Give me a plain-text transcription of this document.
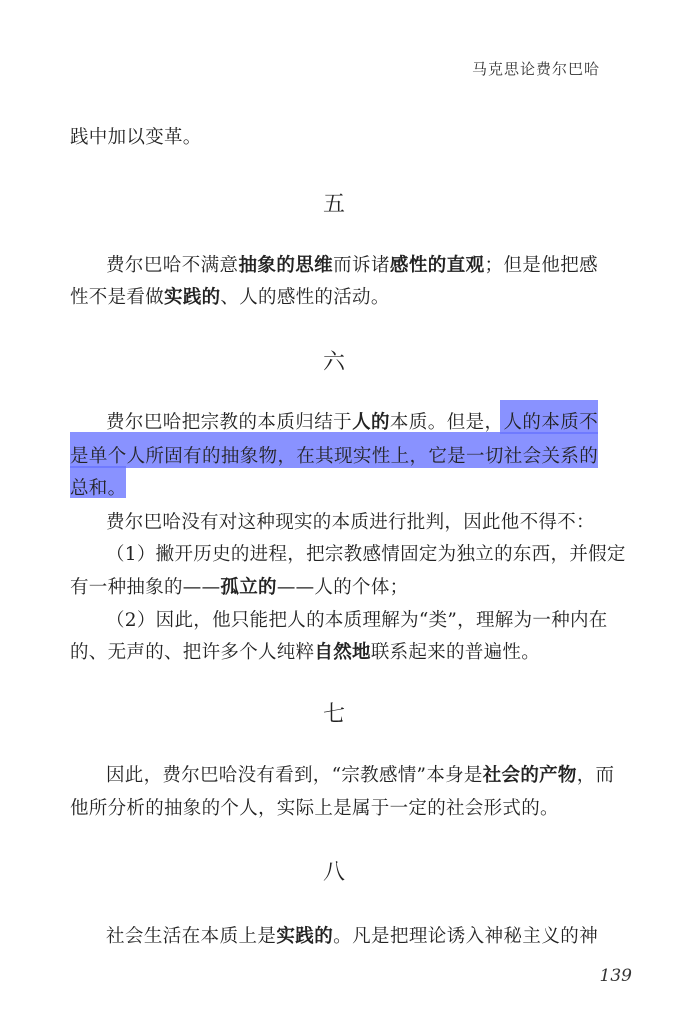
马克思论费尔巴哈
践中加以变革。
五
费尔巴哈不满意抽象的思维而诉诸感性的直观；但是他把感
性不是看做实践的、人的感性的活动。
六
费尔巴哈把宗教的本质归结于人的本质。但是，人的本质不
是单个人所固有的抽象物，在其现实性上，它是一切社会关系的
总和。
费尔巴哈没有对这种现实的本质进行批判，因此他不得不：
（1）撇开历史的进程，把宗教感情固定为独立的东西，并假定
有一种抽象的——孤立的——人的个体；
（2）因此，他只能把人的本质理解为“类”，理解为一种内在
的、无声的、把许多个人纯粹自然地联系起来的普遍性。
七
因此，费尔巴哈没有看到，“宗教感情”本身是社会的产物，而
他所分析的抽象的个人，实际上是属于一定的社会形式的。
八
社会生活在本质上是实践的。凡是把理论诱入神秘主义的神
139
